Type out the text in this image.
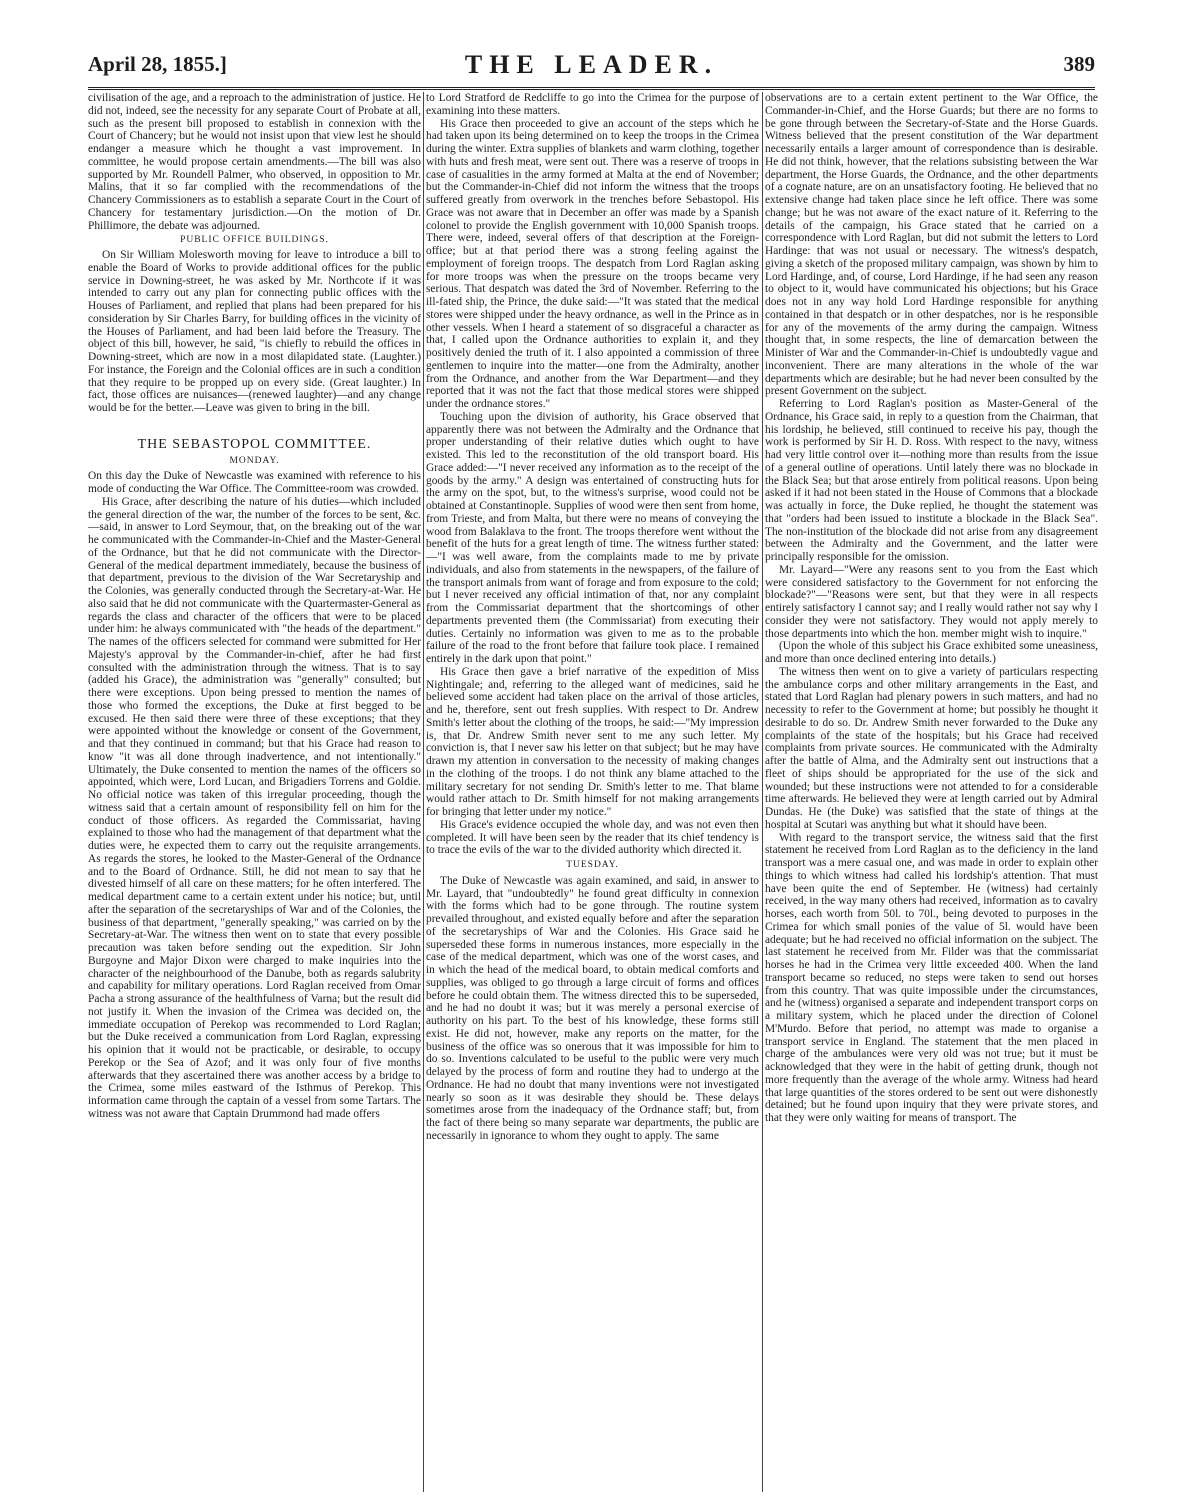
April 28, 1855.]	THE LEADER.	389

civilisation of the age, and a reproach to the administration of justice. He did not, indeed, see the necessity for any separate Court of Probate at all, such as the present bill proposed to establish in connexion with the Court of Chancery; but he would not insist upon that view lest he should endanger a measure which he thought a vast improvement. In committee, he would propose certain amendments.—The bill was also supported by Mr. Roundell Palmer, who observed, in opposition to Mr. Malins, that it so far complied with the recommendations of the Chancery Commissioners as to establish a separate Court in the Court of Chancery for testamentary jurisdiction.—On the motion of Dr. Phillimore, the debate was adjourned.

PUBLIC OFFICE BUILDINGS.

On Sir William Molesworth moving for leave to introduce a bill to enable the Board of Works to provide additional offices for the public service in Downing-street, he was asked by Mr. Northcote if it was intended to carry out any plan for connecting public offices with the Houses of Parliament, and replied that plans had been prepared for his consideration by Sir Charles Barry, for building offices in the vicinity of the Houses of Parliament, and had been laid before the Treasury. The object of this bill, however, he said, "is chiefly to rebuild the offices in Downing-street, which are now in a most dilapidated state. (Laughter.) For instance, the Foreign and the Colonial offices are in such a condition that they require to be propped up on every side. (Great laughter.) In fact, those offices are nuisances—(renewed laughter)—and any change would be for the better.—Leave was given to bring in the bill.

THE SEBASTOPOL COMMITTEE.
MONDAY.

On this day the Duke of Newcastle was examined with reference to his mode of conducting the War Office. The Committee-room was crowded.

His Grace, after describing the nature of his duties—which included the general direction of the war, the number of the forces to be sent, &c.—said, in answer to Lord Seymour, that, on the breaking out of the war he communicated with the Commander-in-Chief and the Master-General of the Ordnance, but that he did not communicate with the Director-General of the medical department immediately, because the business of that department, previous to the division of the War Secretaryship and the Colonies, was generally conducted through the Secretary-at-War. He also said that he did not communicate with the Quartermaster-General as regards the class and character of the officers that were to be placed under him: he always communicated with "the heads of the department." The names of the officers selected for command were submitted for Her Majesty's approval by the Commander-in-chief, after he had first consulted with the administration through the witness. That is to say (added his Grace), the administration was "generally" consulted; but there were exceptions. Upon being pressed to mention the names of those who formed the exceptions, the Duke at first begged to be excused. He then said there were three of these exceptions; that they were appointed without the knowledge or consent of the Government, and that they continued in command; but that his Grace had reason to know "it was all done through inadvertence, and not intentionally." Ultimately, the Duke consented to mention the names of the officers so appointed, which were, Lord Lucan, and Brigadiers Torrens and Goldie. No official notice was taken of this irregular proceeding, though the witness said that a certain amount of responsibility fell on him for the conduct of those officers. As regarded the Commissariat, having explained to those who had the management of that department what the duties were, he expected them to carry out the requisite arrangements. As regards the stores, he looked to the Master-General of the Ordnance and to the Board of Ordnance. Still, he did not mean to say that he divested himself of all care on these matters; for he often interfered. The medical department came to a certain extent under his notice; but, until after the separation of the secretaryships of War and of the Colonies, the business of that department, "generally speaking," was carried on by the Secretary-at-War. The witness then went on to state that every possible precaution was taken before sending out the expedition. Sir John Burgoyne and Major Dixon were charged to make inquiries into the character of the neighbourhood of the Danube, both as regards salubrity and capability for military operations. Lord Raglan received from Omar Pacha a strong assurance of the healthfulness of Varna; but the result did not justify it. When the invasion of the Crimea was decided on, the immediate occupation of Perekop was recommended to Lord Raglan; but the Duke received a communication from Lord Raglan, expressing his opinion that it would not be practicable, or desirable, to occupy Perekop or the Sea of Azof; and it was only four of five months afterwards that they ascertained there was another access by a bridge to the Crimea, some miles eastward of the Isthmus of Perekop. This information came through the captain of a vessel from some Tartars. The witness was not aware that Captain Drummond had made offers

to Lord Stratford de Redcliffe to go into the Crimea for the purpose of examining into these matters.

His Grace then proceeded to give an account of the steps which he had taken upon its being determined on to keep the troops in the Crimea during the winter. Extra supplies of blankets and warm clothing, together with huts and fresh meat, were sent out. There was a reserve of troops in case of casualities in the army formed at Malta at the end of November; but the Commander-in-Chief did not inform the witness that the troops suffered greatly from overwork in the trenches before Sebastopol. His Grace was not aware that in December an offer was made by a Spanish colonel to provide the English government with 10,000 Spanish troops. There were, indeed, several offers of that description at the Foreign-office; but at that period there was a strong feeling against the employment of foreign troops. The despatch from Lord Raglan asking for more troops was when the pressure on the troops became very serious. That despatch was dated the 3rd of November. Referring to the ill-fated ship, the Prince, the duke said:—"It was stated that the medical stores were shipped under the heavy ordnance, as well in the Prince as in other vessels. When I heard a statement of so disgraceful a character as that, I called upon the Ordnance authorities to explain it, and they positively denied the truth of it. I also appointed a commission of three gentlemen to inquire into the matter—one from the Admiralty, another from the Ordnance, and another from the War Department—and they reported that it was not the fact that those medical stores were shipped under the ordnance stores."

Touching upon the division of authority, his Grace observed that apparently there was not between the Admiralty and the Ordnance that proper understanding of their relative duties which ought to have existed. This led to the reconstitution of the old transport board. His Grace added:—"I never received any information as to the receipt of the goods by the army." A design was entertained of constructing huts for the army on the spot, but, to the witness's surprise, wood could not be obtained at Constantinople. Supplies of wood were then sent from home, from Trieste, and from Malta, but there were no means of conveying the wood from Balaklava to the front. The troops therefore went without the benefit of the huts for a great length of time. The witness further stated:—"I was well aware, from the complaints made to me by private individuals, and also from statements in the newspapers, of the failure of the transport animals from want of forage and from exposure to the cold; but I never received any official intimation of that, nor any complaint from the Commissariat department that the shortcomings of other departments prevented them (the Commissariat) from executing their duties. Certainly no information was given to me as to the probable failure of the road to the front before that failure took place. I remained entirely in the dark upon that point."

His Grace then gave a brief narrative of the expedition of Miss Nightingale; and, referring to the alleged want of medicines, said he believed some accident had taken place on the arrival of those articles, and he, therefore, sent out fresh supplies. With respect to Dr. Andrew Smith's letter about the clothing of the troops, he said:—"My impression is, that Dr. Andrew Smith never sent to me any such letter. My conviction is, that I never saw his letter on that subject; but he may have drawn my attention in conversation to the necessity of making changes in the clothing of the troops. I do not think any blame attached to the military secretary for not sending Dr. Smith's letter to me. That blame would rather attach to Dr. Smith himself for not making arrangements for bringing that letter under my notice."

His Grace's evidence occupied the whole day, and was not even then completed. It will have been seen by the reader that its chief tendency is to trace the evils of the war to the divided authority which directed it.

TUESDAY.

The Duke of Newcastle was again examined, and said, in answer to Mr. Layard, that "undoubtedly" he found great difficulty in connexion with the forms which had to be gone through. The routine system prevailed throughout, and existed equally before and after the separation of the secretaryships of War and the Colonies. His Grace said he superseded these forms in numerous instances, more especially in the case of the medical department, which was one of the worst cases, and in which the head of the medical board, to obtain medical comforts and supplies, was obliged to go through a large circuit of forms and offices before he could obtain them. The witness directed this to be superseded, and he had no doubt it was; but it was merely a personal exercise of authority on his part. To the best of his knowledge, these forms still exist. He did not, however, make any reports on the matter, for the business of the office was so onerous that it was impossible for him to do so. Inventions calculated to be useful to the public were very much delayed by the process of form and routine they had to undergo at the Ordnance. He had no doubt that many inventions were not investigated nearly so soon as it was desirable they should be. These delays sometimes arose from the inadequacy of the Ordnance staff; but, from the fact of there being so many separate war departments, the public are necessarily in ignorance to whom they ought to apply. The same

observations are to a certain extent pertinent to the War Office, the Commander-in-Chief, and the Horse Guards; but there are no forms to be gone through between the Secretary-of-State and the Horse Guards. Witness believed that the present constitution of the War department necessarily entails a larger amount of correspondence than is desirable. He did not think, however, that the relations subsisting between the War department, the Horse Guards, the Ordnance, and the other departments of a cognate nature, are on an unsatisfactory footing. He believed that no extensive change had taken place since he left office. There was some change; but he was not aware of the exact nature of it. Referring to the details of the campaign, his Grace stated that he carried on a correspondence with Lord Raglan, but did not submit the letters to Lord Hardinge: that was not usual or necessary. The witness's despatch, giving a sketch of the proposed military campaign, was shown by him to Lord Hardinge, and, of course, Lord Hardinge, if he had seen any reason to object to it, would have communicated his objections; but his Grace does not in any way hold Lord Hardinge responsible for anything contained in that despatch or in other despatches, nor is he responsible for any of the movements of the army during the campaign. Witness thought that, in some respects, the line of demarcation between the Minister of War and the Commander-in-Chief is undoubtedly vague and inconvenient. There are many alterations in the whole of the war departments which are desirable; but he had never been consulted by the present Government on the subject.

Referring to Lord Raglan's position as Master-General of the Ordnance, his Grace said, in reply to a question from the Chairman, that his lordship, he believed, still continued to receive his pay, though the work is performed by Sir H. D. Ross. With respect to the navy, witness had very little control over it—nothing more than results from the issue of a general outline of operations. Until lately there was no blockade in the Black Sea; but that arose entirely from political reasons. Upon being asked if it had not been stated in the House of Commons that a blockade was actually in force, the Duke replied, he thought the statement was that "orders had been issued to institute a blockade in the Black Sea". The non-institution of the blockade did not arise from any disagreement between the Admiralty and the Government, and the latter were principally responsible for the omission.

Mr. Layard—"Were any reasons sent to you from the East which were considered satisfactory to the Government for not enforcing the blockade?"—"Reasons were sent, but that they were in all respects entirely satisfactory I cannot say; and I really would rather not say why I consider they were not satisfactory. They would not apply merely to those departments into which the hon. member might wish to inquire."

(Upon the whole of this subject his Grace exhibited some uneasiness, and more than once declined entering into details.)

The witness then went on to give a variety of particulars respecting the ambulance corps and other military arrangements in the East, and stated that Lord Raglan had plenary powers in such matters, and had no necessity to refer to the Government at home; but possibly he thought it desirable to do so. Dr. Andrew Smith never forwarded to the Duke any complaints of the state of the hospitals; but his Grace had received complaints from private sources. He communicated with the Admiralty after the battle of Alma, and the Admiralty sent out instructions that a fleet of ships should be appropriated for the use of the sick and wounded; but these instructions were not attended to for a considerable time afterwards. He believed they were at length carried out by Admiral Dundas. He (the Duke) was satisfied that the state of things at the hospital at Scutari was anything but what it should have been.

With regard to the transport service, the witness said that the first statement he received from Lord Raglan as to the deficiency in the land transport was a mere casual one, and was made in order to explain other things to which witness had called his lordship's attention. That must have been quite the end of September. He (witness) had certainly received, in the way many others had received, information as to cavalry horses, each worth from 50l. to 70l., being devoted to purposes in the Crimea for which small ponies of the value of 5l. would have been adequate; but he had received no official information on the subject. The last statement he received from Mr. Filder was that the commissariat horses he had in the Crimea very little exceeded 400. When the land transport became so reduced, no steps were taken to send out horses from this country. That was quite impossible under the circumstances, and he (witness) organised a separate and independent transport corps on a military system, which he placed under the direction of Colonel M'Murdo. Before that period, no attempt was made to organise a transport service in England. The statement that the men placed in charge of the ambulances were very old was not true; but it must be acknowledged that they were in the habit of getting drunk, though not more frequently than the average of the whole army. Witness had heard that large quantities of the stores ordered to be sent out were dishonestly detained; but he found upon inquiry that they were private stores, and that they were only waiting for means of transport. The
